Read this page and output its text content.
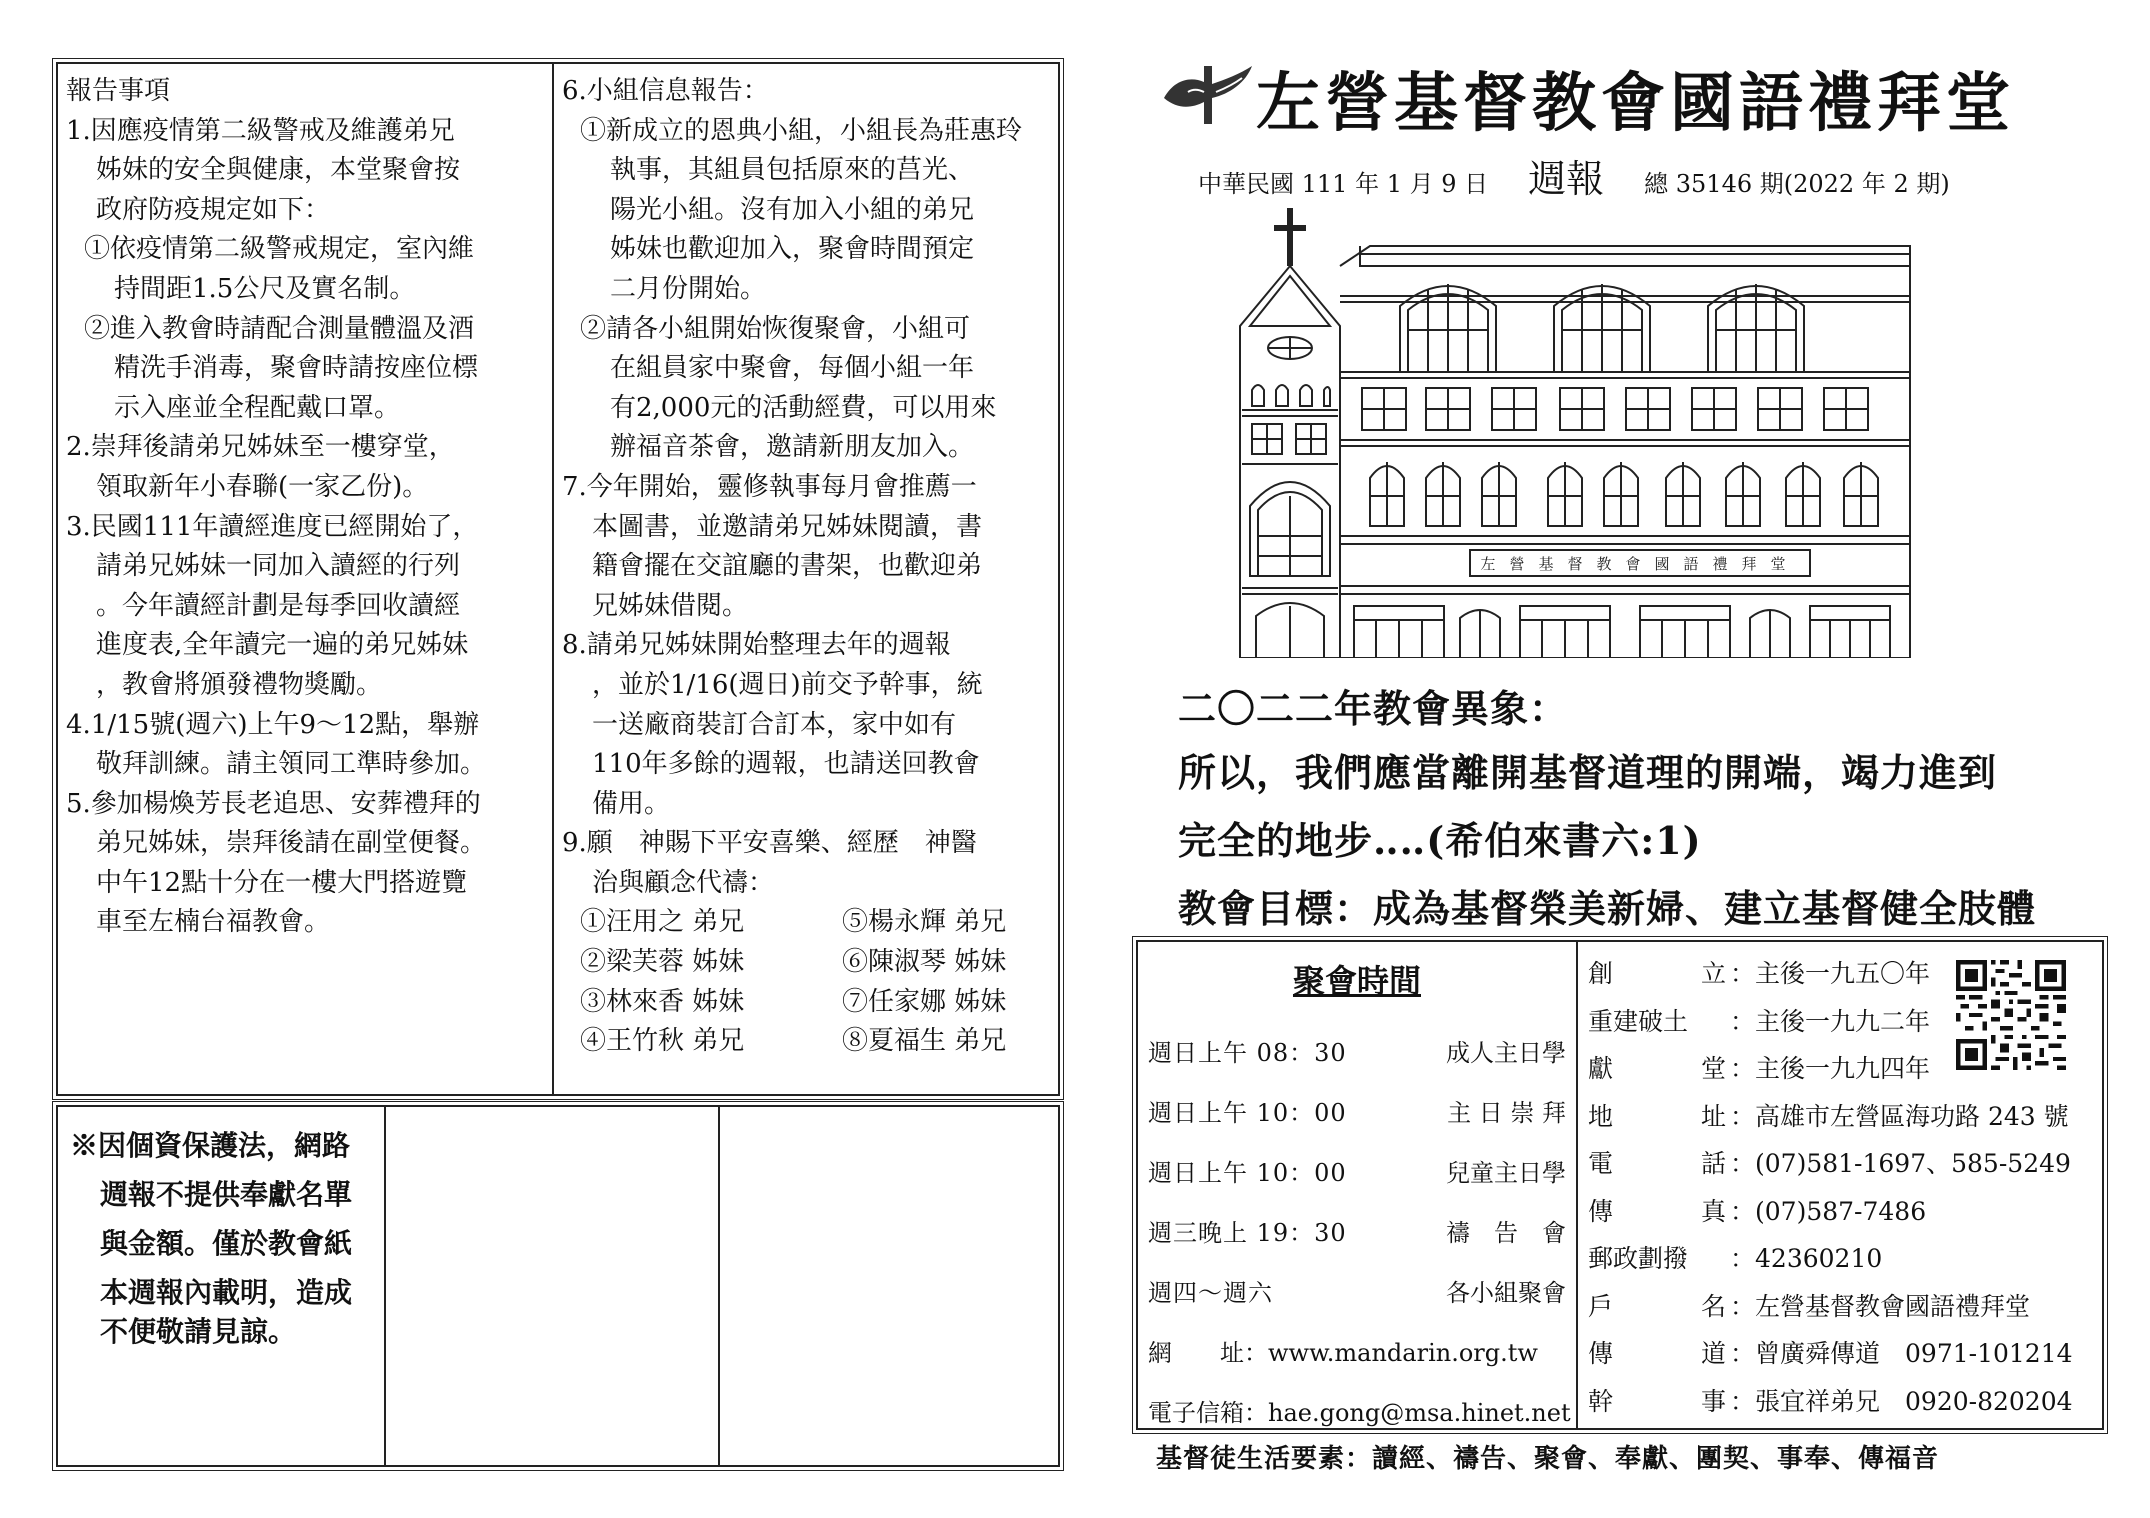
報告事項
1.因應疫情第二級警戒及維護弟兄
姊妹的安全與健康，本堂聚會按
政府防疫規定如下：
①依疫情第二級警戒規定，室內維
持間距1.5公尺及實名制。
②進入教會時請配合測量體溫及酒
精洗手消毒，聚會時請按座位標
示入座並全程配戴口罩。
2.崇拜後請弟兄姊妹至一樓穿堂，
領取新年小春聯(一家乙份)。
3.民國111年讀經進度已經開始了，
請弟兄姊妹一同加入讀經的行列
。今年讀經計劃是每季回收讀經
進度表,全年讀完一遍的弟兄姊妹
，教會將頒發禮物獎勵。
4.1/15號(週六)上午9～12點，舉辦
敬拜訓練。請主領同工準時參加。
5.參加楊煥芳長老追思、安葬禮拜的
弟兄姊妹，崇拜後請在副堂便餐。
中午12點十分在一樓大門搭遊覽
車至左楠台福教會。
6.小組信息報告：
①新成立的恩典小組，小組長為莊惠玲
執事，其組員包括原來的莒光、
陽光小組。沒有加入小組的弟兄
姊妹也歡迎加入，聚會時間預定
二月份開始。
②請各小組開始恢復聚會，小組可
在組員家中聚會，每個小組一年
有2,000元的活動經費，可以用來
辦福音茶會，邀請新朋友加入。
7.今年開始，靈修執事每月會推薦一
本圖書，並邀請弟兄姊妹閱讀，書
籍會擺在交誼廳的書架，也歡迎弟
兄姊妹借閱。
8.請弟兄姊妹開始整理去年的週報
，並於1/16(週日)前交予幹事，統
一送廠商裝訂合訂本，家中如有
110年多餘的週報，也請送回教會
備用。
9.願　神賜下平安喜樂、經歷　神醫
治與顧念代禱：
①汪用之 弟兄	⑤楊永輝 弟兄
②梁芙蓉 姊妹	⑥陳淑琴 姊妹
③林來香 姊妹	⑦任家娜 姊妹
④王竹秋 弟兄	⑧夏福生 弟兄
※因個資保護法，網路
週報不提供奉獻名單
與金額。僅於教會紙
本週報內載明，造成
不便敬請見諒。
左營基督教會國語禮拜堂
中華民國 111 年 1 月 9 日 週報 總 35146 期(2022 年 2 期)
左營基督教會國語禮拜堂
二〇二二年教會異象：
所以，我們應當離開基督道理的開端，竭力進到
完全的地步‥‥(希伯來書六:1)
教會目標：成為基督榮美新婦、建立基督健全肢體
聚會時間
週日上午 08：30	成人主日學
週日上午 10：00	主 日 崇 拜
週日上午 10：00	兒童主日學
週三晚上 19：30	禱　告　會
週四～週六	各小組聚會
網　　址：www.mandarin.org.tw
電子信箱：hae.gong@msa.hinet.net
創	立 ： 主後一九五〇年
重建破土 ： 主後一九九二年
獻	堂 ： 主後一九九四年
地	址 ： 高雄市左營區海功路 243 號
電	話 ： (07)581-1697、585-5249
傳	真 ： (07)587-7486
郵政劃撥 ： 42360210
戶	名 ： 左營基督教會國語禮拜堂
傳	道 ： 曾廣舜傳道　0971-101214
幹	事 ： 張宜祥弟兄　0920-820204
基督徒生活要素：讀經、禱告、聚會、奉獻、團契、事奉、傳福音
